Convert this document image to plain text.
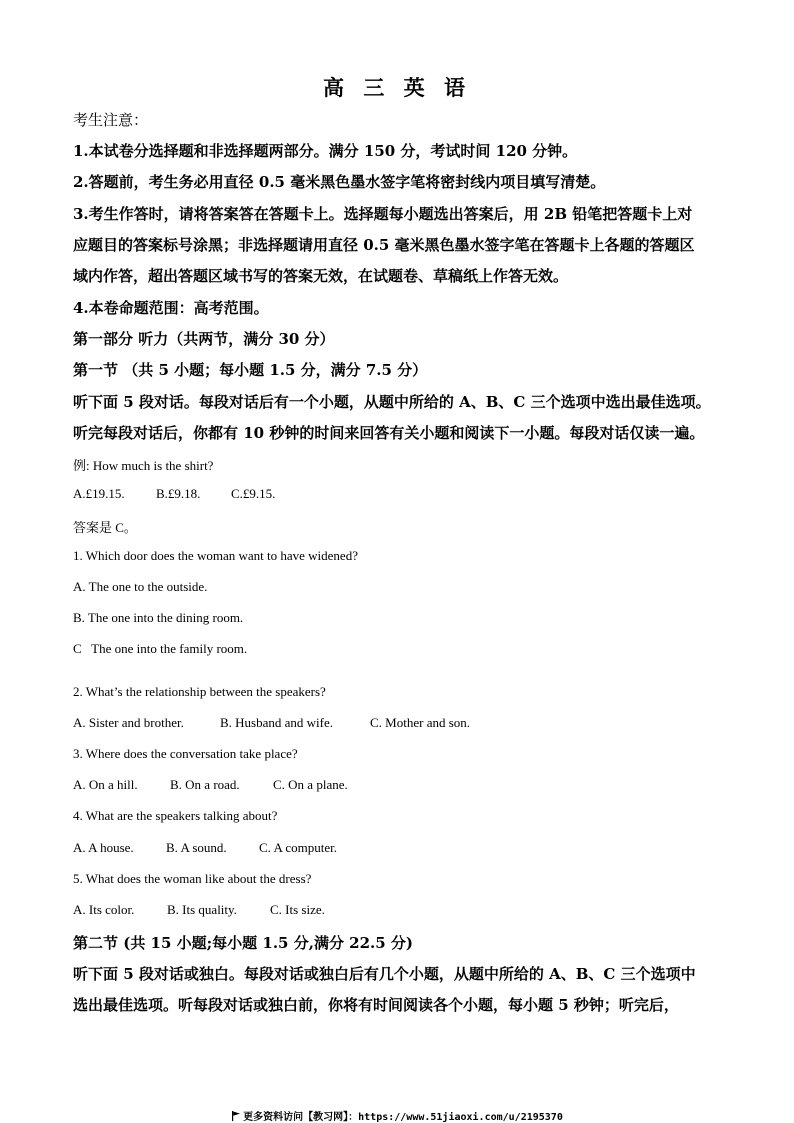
高 三 英 语
考生注意：
1.本试卷分选择题和非选择题两部分。满分 150 分，考试时间 120 分钟。
2.答题前，考生务必用直径 0.5 毫米黑色墨水签字笔将密封线内项目填写清楚。
3.考生作答时，请将答案答在答题卡上。选择题每小题选出答案后，用 2B 铅笔把答题卡上对
应题目的答案标号涂黑；非选择题请用直径 0.5 毫米黑色墨水签字笔在答题卡上各题的答题区
域内作答，超出答题区域书写的答案无效，在试题卷、草稿纸上作答无效。
4.本卷命题范围：高考范围。
第一部分 听力（共两节，满分 30 分）
第一节 （共 5 小题；每小题 1.5 分，满分 7.5 分）
听下面 5 段对话。每段对话后有一个小题，从题中所给的 A、B、C 三个选项中选出最佳选项。
听完每段对话后，你都有 10 秒钟的时间来回答有关小题和阅读下一小题。每段对话仅读一遍。
例: How much is the shirt?
A.£19.15. B.£9.18. C.£9.15.
答案是 C。
1. Which door does the woman want to have widened?
A. The one to the outside.
B. The one into the dining room.
C   The one into the family room.
2. What’s the relationship between the speakers?
A. Sister and brother.	B. Husband and wife.	C. Mother and son.
3. Where does the conversation take place?
A. On a hill. B. On a road.	C. On a plane.
4. What are the speakers talking about?
A. A house. B. A sound. C. A computer.
5. What does the woman like about the dress?
A. Its color.	B. Its quality.	C. Its size.
第二节 (共 15 小题;每小题 1.5 分,满分 22.5 分)
听下面 5 段对话或独白。每段对话或独白后有几个小题，从题中所给的 A、B、C 三个选项中
选出最佳选项。听每段对话或独白前，你将有时间阅读各个小题，每小题 5 秒钟；听完后，
更多资料访问【教习网】：https://www.51jiaoxi.com/u/2195370
